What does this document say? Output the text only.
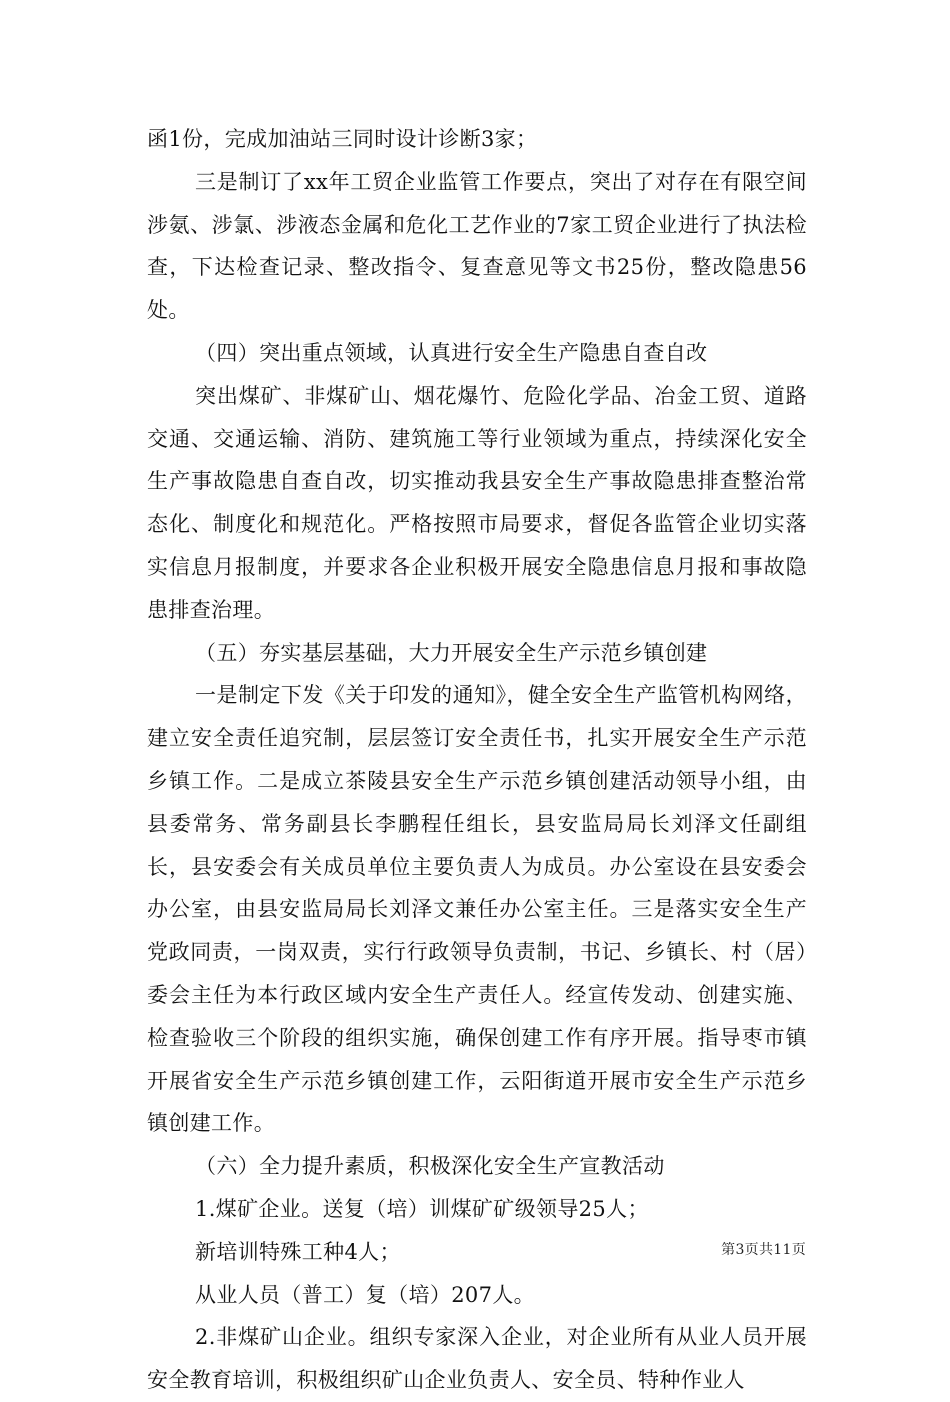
函1份，完成加油站三同时设计诊断3家；

三是制订了xx年工贸企业监管工作要点，突出了对存在有限空间涉氨、涉氯、涉液态金属和危化工艺作业的7家工贸企业进行了执法检查，下达检查记录、整改指令、复查意见等文书25份，整改隐患56处。

（四）突出重点领域，认真进行安全生产隐患自查自改

突出煤矿、非煤矿山、烟花爆竹、危险化学品、冶金工贸、道路交通、交通运输、消防、建筑施工等行业领域为重点，持续深化安全生产事故隐患自查自改，切实推动我县安全生产事故隐患排查整治常态化、制度化和规范化。严格按照市局要求，督促各监管企业切实落实信息月报制度，并要求各企业积极开展安全隐患信息月报和事故隐患排查治理。

（五）夯实基层基础，大力开展安全生产示范乡镇创建

一是制定下发《关于印发的通知》，健全安全生产监管机构网络，建立安全责任追究制，层层签订安全责任书，扎实开展安全生产示范乡镇工作。二是成立茶陵县安全生产示范乡镇创建活动领导小组，由县委常务、常务副县长李鹏程任组长，县安监局局长刘泽文任副组长，县安委会有关成员单位主要负责人为成员。办公室设在县安委会办公室，由县安监局局长刘泽文兼任办公室主任。三是落实安全生产党政同责，一岗双责，实行行政领导负责制，书记、乡镇长、村（居）委会主任为本行政区域内安全生产责任人。经宣传发动、创建实施、检查验收三个阶段的组织实施，确保创建工作有序开展。指导枣市镇开展省安全生产示范乡镇创建工作，云阳街道开展市安全生产示范乡镇创建工作。

（六）全力提升素质，积极深化安全生产宣教活动

1.煤矿企业。送复（培）训煤矿矿级领导25人；

新培训特殊工种4人；

从业人员（普工）复（培）207人。

2.非煤矿山企业。组织专家深入企业，对企业所有从业人员开展安全教育培训，积极组织矿山企业负责人、安全员、特种作业人

第3页共11页
